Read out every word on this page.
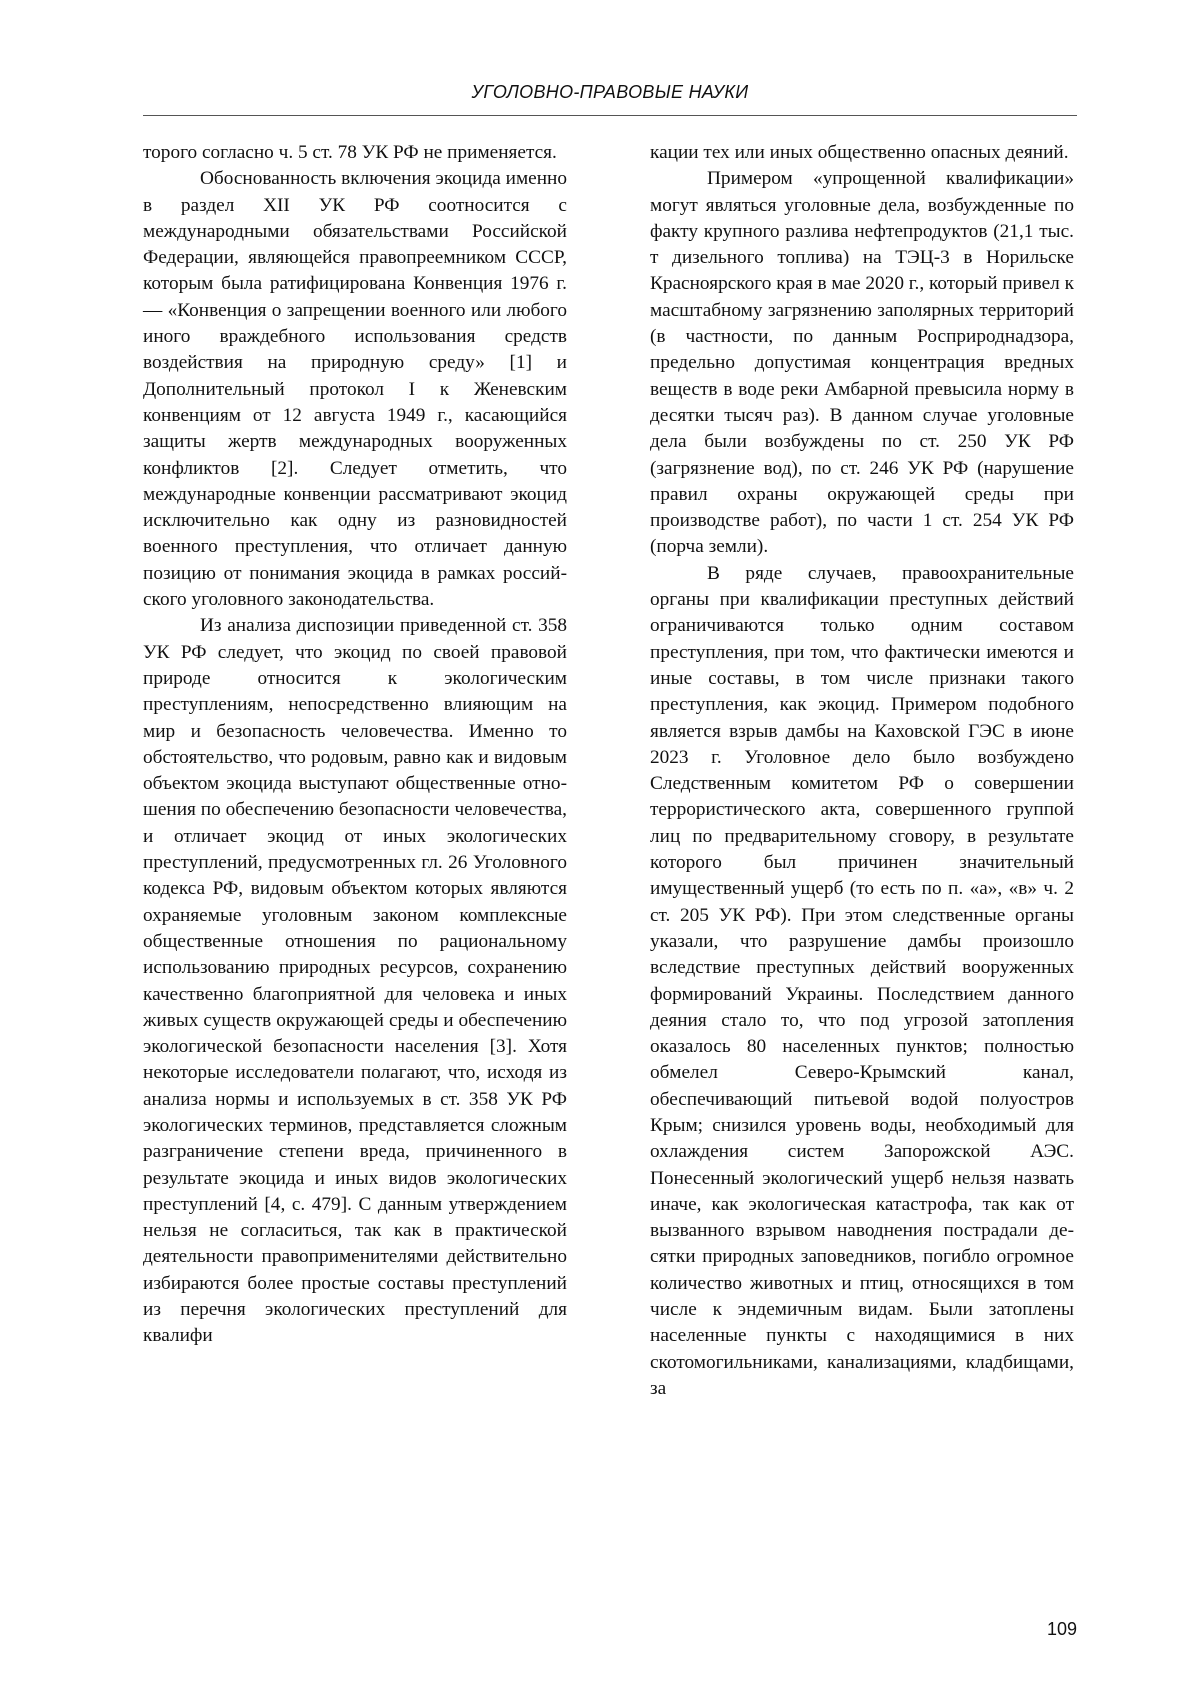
УГОЛОВНО-ПРАВОВЫЕ НАУКИ

торого согласно ч. 5 ст. 78 УК РФ не применяется.

Обоснованность включения экоцида именно в раздел XII УК РФ соотносится с международными обязательствами Российской Федерации, являющейся правопреемником СССР, которым была ратифицирована Конвенция 1976 г. — «Конвенция о запрещении военного или любого иного враждебного использования средств воздействия на природную среду» [1] и Дополнительный протокол I к Женевским конвенциям от 12 августа 1949 г., касающийся защиты жертв международных вооруженных конфликтов [2]. Следует отметить, что международные конвенции рассматривают экоцид исключительно как одну из разновидностей военного преступления, что отличает данную позицию от понимания экоцида в рамках российского уголовного законодательства.

Из анализа диспозиции приведенной ст. 358 УК РФ следует, что экоцид по своей правовой природе относится к экологическим преступлениям, непосредственно влияющим на мир и безопасность человечества. Именно то обстоятельство, что родовым, равно как и видовым объектом экоцида выступают общественные отношения по обеспечению безопасности человечества, и отличает экоцид от иных экологических преступлений, предусмотренных гл. 26 Уголовного кодекса РФ, видовым объектом которых являются охраняемые уголовным законом комплексные общественные отношения по рациональному использованию природных ресурсов, сохранению качественно благоприятной для человека и иных живых существ окружающей среды и обеспечению экологической безопасности населения [3]. Хотя некоторые исследователи полагают, что, исходя из анализа нормы и используемых в ст. 358 УК РФ экологических терминов, представляется сложным разграничение степени вреда, причиненного в результате экоцида и иных видов экологических преступлений [4, с. 479]. С данным утверждением нельзя не согласиться, так как в практической деятельности правоприменителями действительно избираются более простые составы преступлений из перечня экологических преступлений для квалифи

кации тех или иных общественно опасных деяний.

Примером «упрощенной квалификации» могут являться уголовные дела, возбужденные по факту крупного разлива нефтепродуктов (21,1 тыс. т дизельного топлива) на ТЭЦ-3 в Норильске Красноярского края в мае 2020 г., который привел к масштабному загрязнению заполярных территорий (в частности, по данным Росприроднадзора, предельно допустимая концентрация вредных веществ в воде реки Амбарной превысила норму в десятки тысяч раз). В данном случае уголовные дела были возбуждены по ст. 250 УК РФ (загрязнение вод), по ст. 246 УК РФ (нарушение правил охраны окружающей среды при производстве работ), по части 1 ст. 254 УК РФ (порча земли).

В ряде случаев, правоохранительные органы при квалификации преступных действий ограничиваются только одним составом преступления, при том, что фактически имеются и иные составы, в том числе признаки такого преступления, как экоцид. Примером подобного является взрыв дамбы на Каховской ГЭС в июне 2023 г. Уголовное дело было возбуждено Следственным комитетом РФ о совершении террористического акта, совершенного группой лиц по предварительному сговору, в результате которого был причинен значительный имущественный ущерб (то есть по п. «а», «в» ч. 2 ст. 205 УК РФ). При этом следственные органы указали, что разрушение дамбы произошло вследствие преступных действий вооруженных формирований Украины. Последствием данного деяния стало то, что под угрозой затопления оказалось 80 населенных пунктов; полностью обмелел Северо-Крымский канал, обеспечивающий питьевой водой полуостров Крым; снизился уровень воды, необходимый для охлаждения систем Запорожской АЭС. Понесенный экологический ущерб нельзя назвать иначе, как экологическая катастрофа, так как от вызванного взрывом наводнения пострадали десятки природных заповедников, погибло огромное количество животных и птиц, относящихся в том числе к эндемичным видам. Были затоплены населенные пункты с находящимися в них скотомогильниками, канализациями, кладбищами, за

109
